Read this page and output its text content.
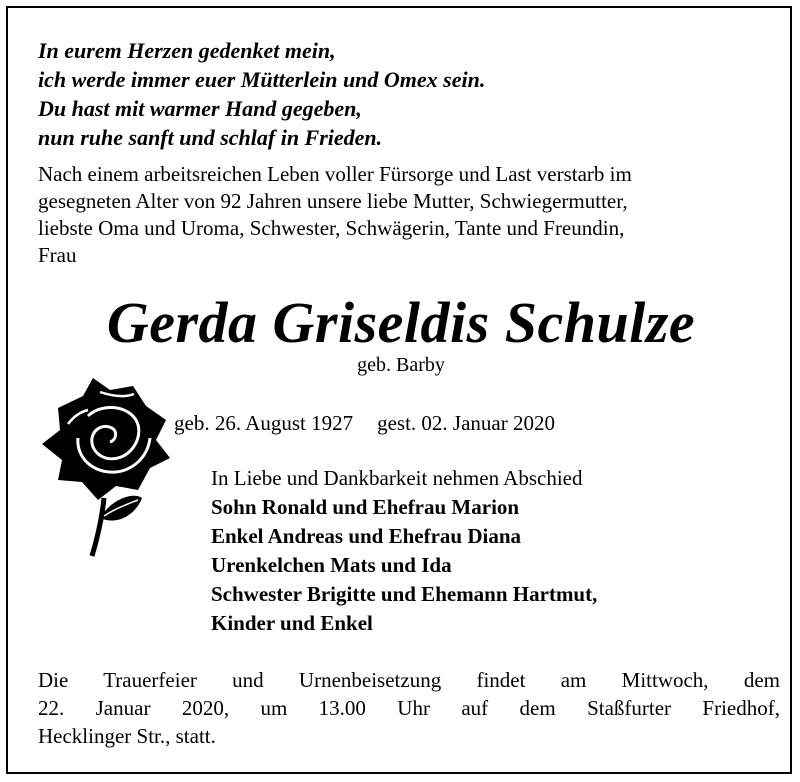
In eurem Herzen gedenket mein,
ich werde immer euer Mütterlein und Omex sein.
Du hast mit warmer Hand gegeben,
nun ruhe sanft und schlaf in Frieden.
Nach einem arbeitsreichen Leben voller Fürsorge und Last verstarb im
gesegneten Alter von 92 Jahren unsere liebe Mutter, Schwiegermutter,
liebste Oma und Uroma, Schwester, Schwägerin, Tante und Freundin,
Frau
Gerda Griseldis Schulze
geb. Barby
geb. 26. August 1927 gest. 02. Januar 2020
In Liebe und Dankbarkeit nehmen Abschied
Sohn Ronald und Ehefrau Marion
Enkel Andreas und Ehefrau Diana
Urenkelchen Mats und Ida
Schwester Brigitte und Ehemann Hartmut,
Kinder und Enkel
Die Trauerfeier und Urnenbeisetzung findet am Mittwoch, dem
22. Januar 2020, um 13.00 Uhr auf dem Staßfurter Friedhof,
Hecklinger Str., statt.
